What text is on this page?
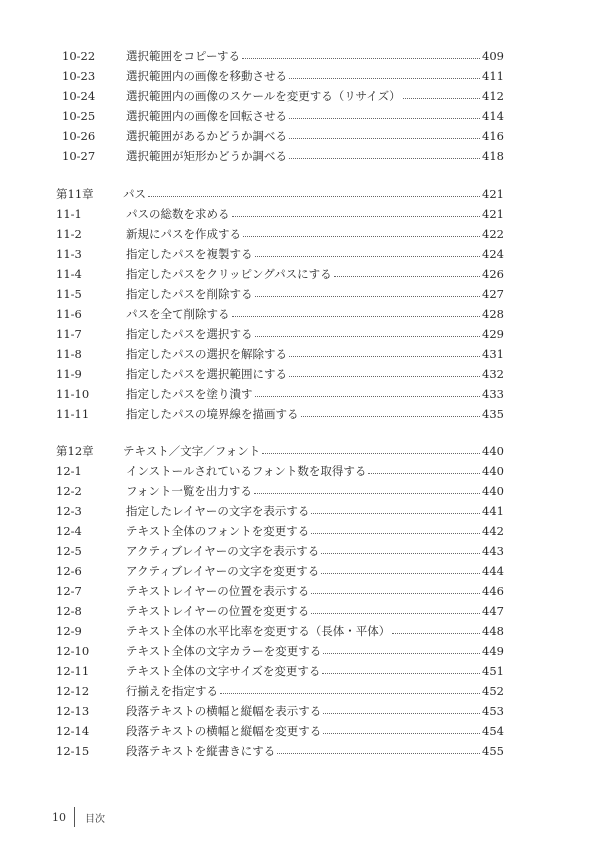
10-22	選択範囲をコピーする	409
10-23	選択範囲内の画像を移動させる	411
10-24	選択範囲内の画像のスケールを変更する（リサイズ）	412
10-25	選択範囲内の画像を回転させる	414
10-26	選択範囲があるかどうか調べる	416
10-27	選択範囲が矩形かどうか調べる	418
第11章	パス	421
11-1	パスの総数を求める	421
11-2	新規にパスを作成する	422
11-3	指定したパスを複製する	424
11-4	指定したパスをクリッピングパスにする	426
11-5	指定したパスを削除する	427
11-6	パスを全て削除する	428
11-7	指定したパスを選択する	429
11-8	指定したパスの選択を解除する	431
11-9	指定したパスを選択範囲にする	432
11-10	指定したパスを塗り潰す	433
11-11	指定したパスの境界線を描画する	435
第12章	テキスト／文字／フォント	440
12-1	インストールされているフォント数を取得する	440
12-2	フォント一覧を出力する	440
12-3	指定したレイヤーの文字を表示する	441
12-4	テキスト全体のフォントを変更する	442
12-5	アクティブレイヤーの文字を表示する	443
12-6	アクティブレイヤーの文字を変更する	444
12-7	テキストレイヤーの位置を表示する	446
12-8	テキストレイヤーの位置を変更する	447
12-9	テキスト全体の水平比率を変更する（長体・平体）	448
12-10	テキスト全体の文字カラーを変更する	449
12-11	テキスト全体の文字サイズを変更する	451
12-12	行揃えを指定する	452
12-13	段落テキストの横幅と縦幅を表示する	453
12-14	段落テキストの横幅と縦幅を変更する	454
12-15	段落テキストを縦書きにする	455
10 目次
